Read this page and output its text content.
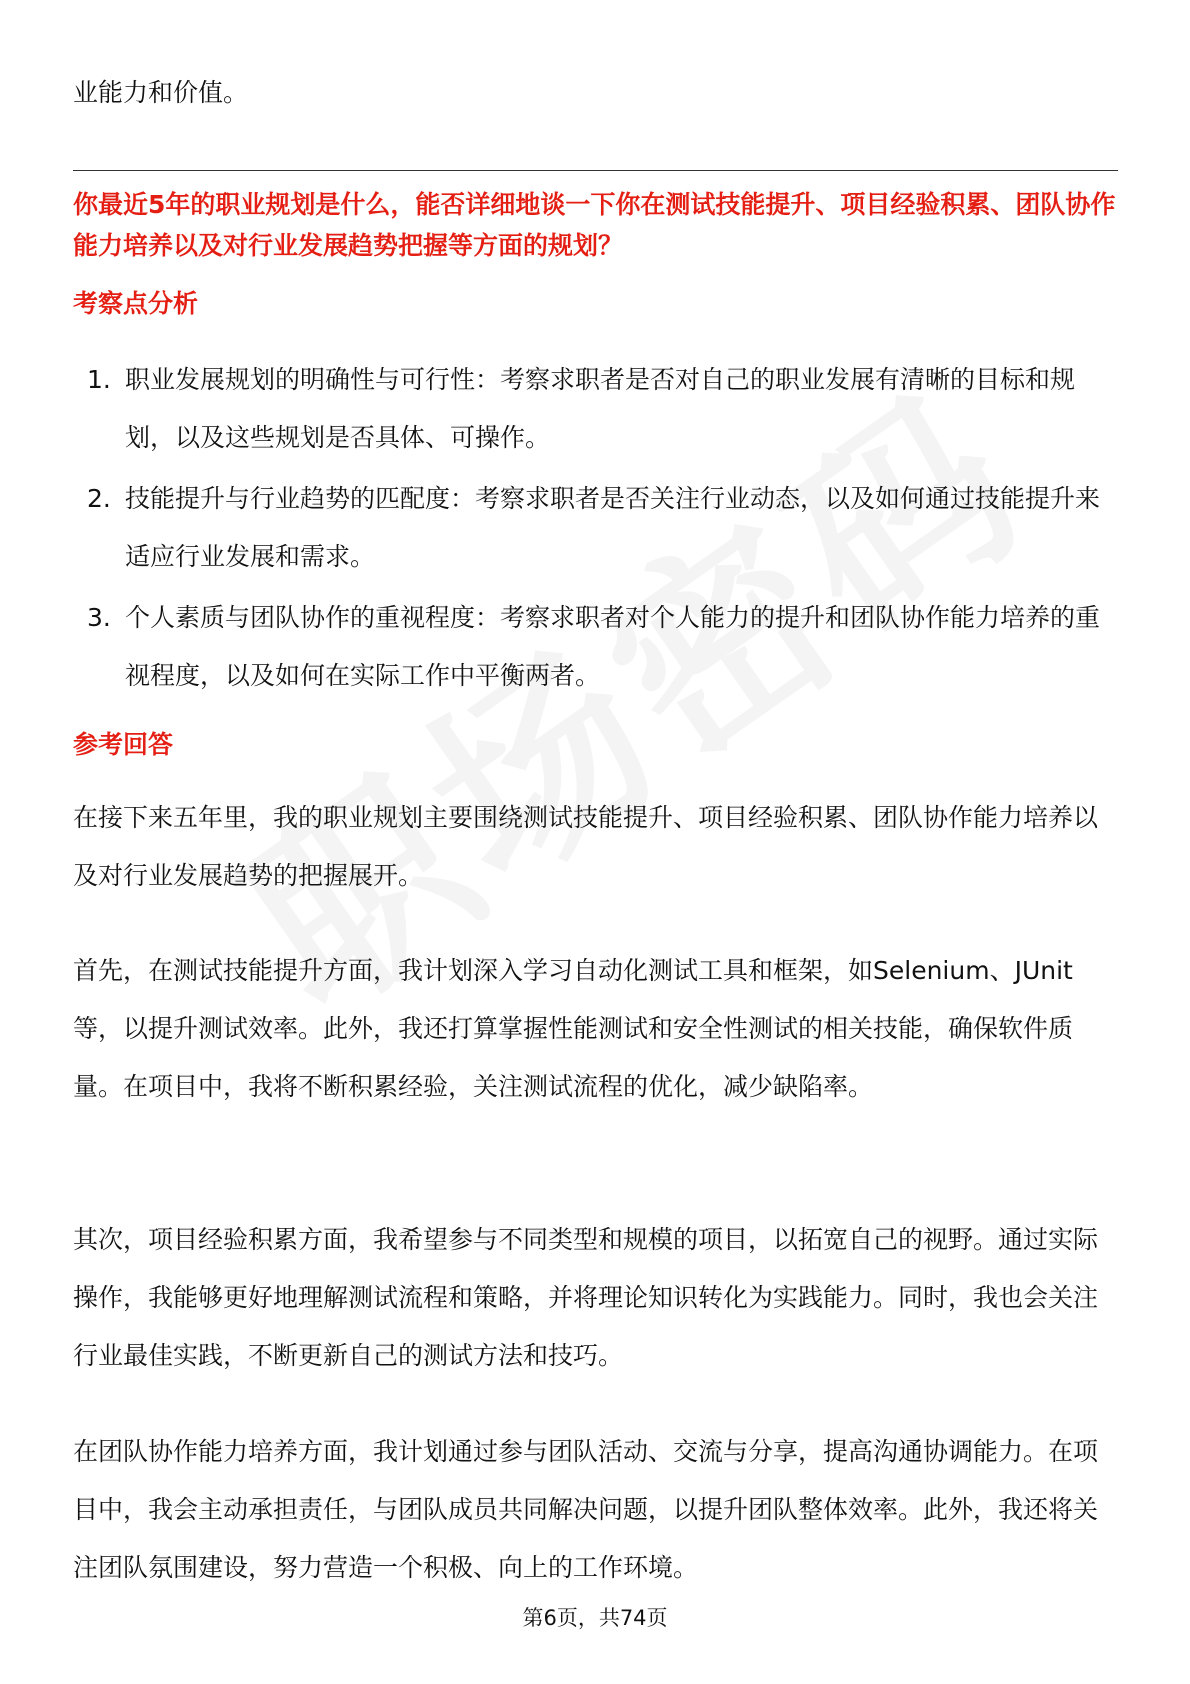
业能力和价值。

你最近5年的职业规划是什么，能否详细地谈一下你在测试技能提升、项目经验积累、团队协作能力培养以及对行业发展趋势把握等方面的规划？
考察点分析
1. 职业发展规划的明确性与可行性：考察求职者是否对自己的职业发展有清晰的目标和规划，以及这些规划是否具体、可操作。
2. 技能提升与行业趋势的匹配度：考察求职者是否关注行业动态，以及如何通过技能提升来适应行业发展和需求。
3. 个人素质与团队协作的重视程度：考察求职者对个人能力的提升和团队协作能力培养的重视程度，以及如何在实际工作中平衡两者。
参考回答

在接下来五年里，我的职业规划主要围绕测试技能提升、项目经验积累、团队协作能力培养以及对行业发展趋势的把握展开。

首先，在测试技能提升方面，我计划深入学习自动化测试工具和框架，如Selenium、JUnit等，以提升测试效率。此外，我还打算掌握性能测试和安全性测试的相关技能，确保软件质量。在项目中，我将不断积累经验，关注测试流程的优化，减少缺陷率。

其次，项目经验积累方面，我希望参与不同类型和规模的项目，以拓宽自己的视野。通过实际操作，我能够更好地理解测试流程和策略，并将理论知识转化为实践能力。同时，我也会关注行业最佳实践，不断更新自己的测试方法和技巧。

在团队协作能力培养方面，我计划通过参与团队活动、交流与分享，提高沟通协调能力。在项目中，我会主动承担责任，与团队成员共同解决问题，以提升团队整体效率。此外，我还将关注团队氛围建设，努力营造一个积极、向上的工作环境。

第6页，共74页
